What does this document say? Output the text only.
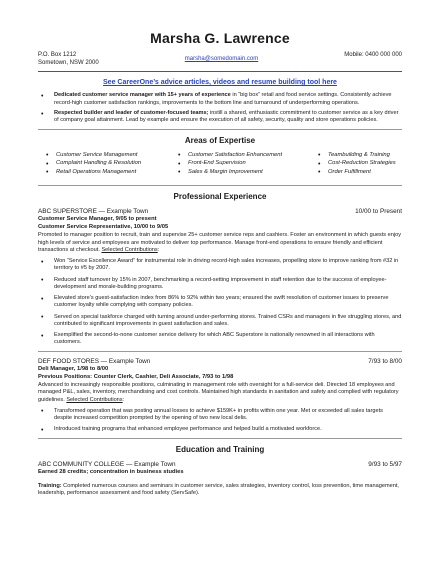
Marsha G. Lawrence
P.O. Box 1212
Sometown, NSW 2000
marsha@somedomain.com
Mobile: 0400 000 000
See CareerOne’s advice articles, videos and resume building tool here
• Dedicated customer service manager with 15+ years of experience in “big box” retail and food service settings. Consistently achieve record-high customer satisfaction rankings, improvements to the bottom line and turnaround of underperforming operations.
• Respected builder and leader of customer-focused teams; instill a shared, enthusiastic commitment to customer service as a key driver of company goal attainment. Lead by example and ensure the execution of all safety, security, quality and store operations policies.
Areas of Expertise
• Customer Service Management	• Customer Satisfaction Enhancement	• Teambuilding & Training
• Complaint Handling & Resolution	• Front-End Supervision	• Cost-Reduction Strategies
• Retail Operations Management	• Sales & Margin Improvement	• Order Fulfillment
Professional Experience
ABC SUPERSTORE — Example Town	10/00 to Present
Customer Service Manager, 9/05 to present
Customer Service Representative, 10/00 to 9/05
Promoted to manager position to recruit, train and supervise 25+ customer service reps and cashiers. Foster an environment in which guests enjoy high levels of service and employees are motivated to deliver top performance. Manage front-end operations to ensure friendly and efficient transactions at checkout. Selected Contributions:
• Won “Service Excellence Award” for instrumental role in driving record-high sales increases, propelling store to improve ranking from #32 in territory to #5 by 2007.
• Reduced staff turnover by 15% in 2007, benchmarking a record-setting improvement in staff retention due to the success of employee-development and morale-building programs.
• Elevated store’s guest-satisfaction index from 86% to 92% within two years; ensured the swift resolution of customer issues to preserve customer loyalty while complying with company policies.
• Served on special taskforce charged with turning around under-performing stores. Trained CSRs and managers in five struggling stores, and contributed to significant improvements in guest satisfaction and sales.
• Exemplified the second-to-none customer service delivery for which ABC Superstore is nationally renowned in all interactions with customers.
DEF FOOD STORES — Example Town	7/93 to 8/00
Deli Manager, 1/98 to 8/00
Previous Positions: Counter Clerk, Cashier, Deli Associate, 7/93 to 1/98
Advanced to increasingly responsible positions, culminating in management role with oversight for a full-service deli. Directed 18 employees and managed P&L, sales, inventory, merchandising and cost controls. Maintained high standards in sanitation and safety and complied with regulatory guidelines. Selected Contributions:
• Transformed operation that was posting annual losses to achieve $159K+ in profits within one year. Met or exceeded all sales targets despite increased competition prompted by the opening of two new local delis.
• Introduced training programs that enhanced employee performance and helped build a motivated workforce.
Education and Training
ABC COMMUNITY COLLEGE — Example Town	9/93 to 5/97
Earned 28 credits; concentration in business studies
Training: Completed numerous courses and seminars in customer service, sales strategies, inventory control, loss prevention, time management, leadership, performance assessment and food safety (ServSafe).
